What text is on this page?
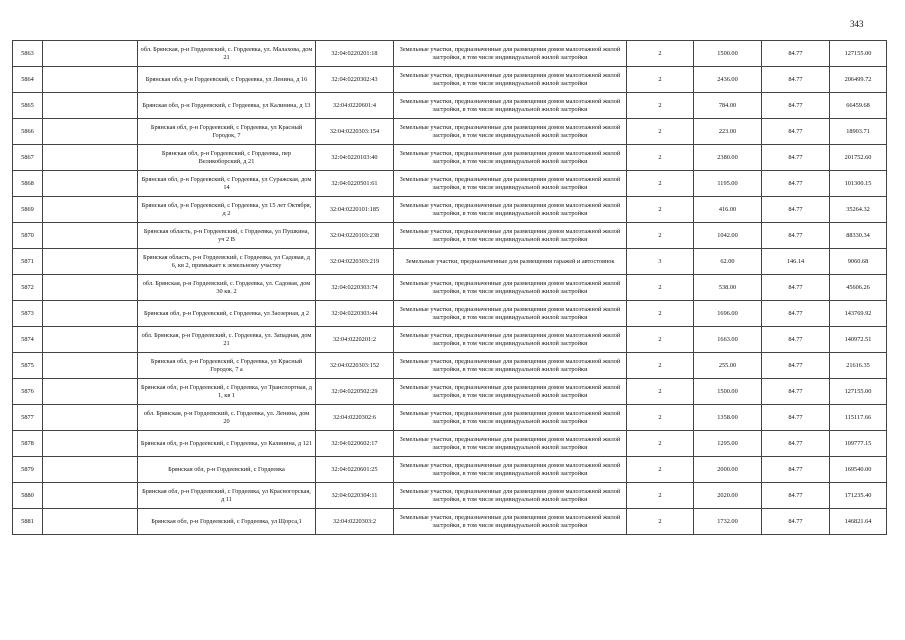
343
5863		обл. Брянская, р-н Гордеевский, с. Гордеевка, ул. Малахова, дом 21	32:04:0220201:18	Земельные участки, предназначенные для размещения домов малоэтажной жилой застройки, в том числе индивидуальной жилой застройки	2	1500.00	84.77	127155.00
5864		Брянская обл, р-н Гордеевский, с Гордеевка, ул Ленина, д 16	32:04:0220302:43	Земельные участки, предназначенные для размещения домов малоэтажной жилой застройки, в том числе индивидуальной жилой застройки	2	2436.00	84.77	206499.72
5865		Брянская обл, р-н Гордеевский, с Гордеевка, ул Калинина, д 13	32:04:0220601:4	Земельные участки, предназначенные для размещения домов малоэтажной жилой застройки, в том числе индивидуальной жилой застройки	2	784.00	84.77	66459.68
5866		Брянская обл, р-н Гордеевский, с Гордеевка, ул Красный Городок, 7	32:04:0220303:154	Земельные участки, предназначенные для размещения домов малоэтажной жилой застройки, в том числе индивидуальной жилой застройки	2	223.00	84.77	18903.71
5867		Брянская обл, р-н Гордеевский, с Гордеевка, пер Великоборский, д 21	32:04:0220103:40	Земельные участки, предназначенные для размещения домов малоэтажной жилой застройки, в том числе индивидуальной жилой застройки	2	2380.00	84.77	201752.60
5868		Брянская обл, р-н Гордеевский, с Гордеевка, ул Суражская, дом 14	32:04:0220501:61	Земельные участки, предназначенные для размещения домов малоэтажной жилой застройки, в том числе индивидуальной жилой застройки	2	1195.00	84.77	101300.15
5869		Брянская обл, р-н Гордеевский, с Гордеевка, ул 15 лет Октября, д 2	32:04:0220101:185	Земельные участки, предназначенные для размещения домов малоэтажной жилой застройки, в том числе индивидуальной жилой застройки	2	416.00	84.77	35264.32
5870		Брянская область, р-н Гордеевский, с Гордеевка, ул Пушкина, уч 2 В	32:04:0220103:238	Земельные участки, предназначенные для размещения домов малоэтажной жилой застройки, в том числе индивидуальной жилой застройки	2	1042.00	84.77	88330.34
5871		Брянская область, р-н Гордеевский, с Гордеевка, ул Садовая, д 6, кв 2, примыкает к земельному участку	32:04:0220303:219	Земельные участки, предназначенные для размещения гаражей и автостоянок	3	62.00	146.14	9060.68
5872		обл. Брянская, р-н Гордеевский, с. Гордеевка, ул. Садовая, дом 30 кв. 2	32:04:0220303:74	Земельные участки, предназначенные для размещения домов малоэтажной жилой застройки, в том числе индивидуальной жилой застройки	2	538.00	84.77	45606.26
5873		Брянская обл, р-н Гордеевский, с Гордеевка, ул Заозерная, д 2	32:04:0220303:44	Земельные участки, предназначенные для размещения домов малоэтажной жилой застройки, в том числе индивидуальной жилой застройки	2	1696.00	84.77	143769.92
5874		обл. Брянская, р-н Гордеевский, с. Гордеевка, ул. Западная, дом 21	32:04:0220201:2	Земельные участки, предназначенные для размещения домов малоэтажной жилой застройки, в том числе индивидуальной жилой застройки	2	1663.00	84.77	140972.51
5875		Брянская обл, р-н Гордеевский, с Гордеевка, ул Красный Городок, 7 а	32:04:0220303:152	Земельные участки, предназначенные для размещения домов малоэтажной жилой застройки, в том числе индивидуальной жилой застройки	2	255.00	84.77	21616.35
5876		Брянская обл, р-н Гордеевский, с Гордеевка, ул Транспортная, д 1, кв 1	32:04:0220502:29	Земельные участки, предназначенные для размещения домов малоэтажной жилой застройки, в том числе индивидуальной жилой застройки	2	1500.00	84.77	127155.00
5877		обл. Брянская, р-н Гордеевский, с. Гордеевка, ул. Ленина, дом 20	32:04:0220302:6	Земельные участки, предназначенные для размещения домов малоэтажной жилой застройки, в том числе индивидуальной жилой застройки	2	1358.00	84.77	115117.66
5878		Брянская обл, р-н Гордеевский, с Гордеевка, ул Калинина, д 121	32:04:0220602:17	Земельные участки, предназначенные для размещения домов малоэтажной жилой застройки, в том числе индивидуальной жилой застройки	2	1295.00	84.77	109777.15
5879		Брянская обл, р-н Гордеевский, с Гордеевка	32:04:0220601:25	Земельные участки, предназначенные для размещения домов малоэтажной жилой застройки, в том числе индивидуальной жилой застройки	2	2000.00	84.77	169540.00
5880		Брянская обл, р-н Гордеевский, с Гордеевка, ул Красногорская, д 11	32:04:0220304:11	Земельные участки, предназначенные для размещения домов малоэтажной жилой застройки, в том числе индивидуальной жилой застройки	2	2020.00	84.77	171235.40
5881		Брянская обл, р-н Гордеевский, с Гордеевка, ул Щорса,1	32:04:0220303:2	Земельные участки, предназначенные для размещения домов малоэтажной жилой застройки, в том числе индивидуальной жилой застройки	2	1732.00	84.77	146821.64
